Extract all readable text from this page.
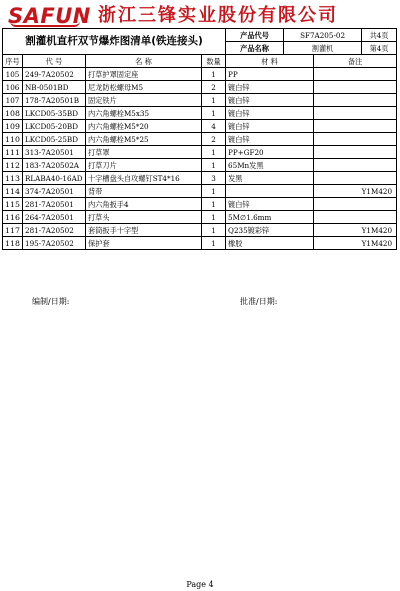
SAFUN 浙江三锋实业股份有限公司
割灌机直杆双节爆炸图清单(铁连接头)				产品代号	SF7A205-02		共4页
				产品名称	割灌机		第4页
序号	代 号	名 称	数量	材 料		备注	
105	249-7A20502	打草护罩固定座	1	PP			
106	NB-0501BD	尼龙防松螺母M5	2	镀白锌			
107	178-7A20501B	固定铁片	1	镀白锌			
108	LKCD05-35BD	内六角螺栓M5x35	1	镀白锌			
109	LKCD05-20BD	内六角螺栓M5*20	4	镀白锌			
110	LKCD05-25BD	内六角螺栓M5*25	2	镀白锌			
111	313-7A20501	打草罩	1	PP+GF20			
112	183-7A20502A	打草刀片	1	65Mn发黑			
113	RLABA40-16AD	十字槽盘头自攻螺钉ST4*16	3	发黑			
114	374-7A20501	背带	1			Y1M420	
115	281-7A20501	内六角扳手4	1	镀白锌			
116	264-7A20501	打草头	1	5M∅1.6mm			
117	281-7A20502	套筒扳手十字型	1	Q235镀彩锌		Y1M420	
118	195-7A20502	保护套	1	橡胶		Y1M420	
编制/日期:	批准/日期:
Page 4
